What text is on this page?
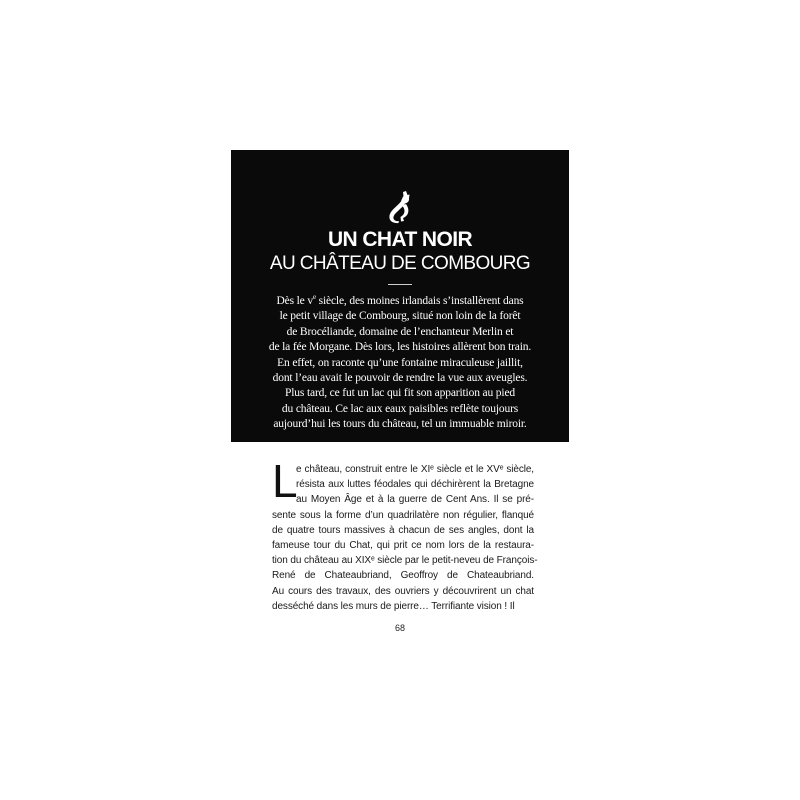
UN CHAT NOIR
AU CHÂTEAU DE COMBOURG
Dès le $v^e$ siècle, des moines irlandais s’installèrent dans
le petit village de Combourg, situé non loin de la forêt
de Brocéliande, domaine de l’enchanteur Merlin et
de la fée Morgane. Dès lors, les histoires allèrent bon train.
En effet, on raconte qu’une fontaine miraculeuse jaillit,
dont l’eau avait le pouvoir de rendre la vue aux aveugles.
Plus tard, ce fut un lac qui fit son apparition au pied
du château. Ce lac aux eaux paisibles reflète toujours
aujourd’hui les tours du château, tel un immuable miroir.
L
e château, construit entre le XIᵉ siècle et le XVᵉ siècle,
résista aux luttes féodales qui déchirèrent la Bretagne
au Moyen Âge et à la guerre de Cent Ans. Il se pré-
sente sous la forme d’un quadrilatère non régulier, flanqué
de quatre tours massives à chacun de ses angles, dont la
fameuse tour du Chat, qui prit ce nom lors de la restaura-
tion du château au XIXᵉ siècle par le petit-neveu de François-
René de Chateaubriand, Geoffroy de Chateaubriand.
Au cours des travaux, des ouvriers y découvrirent un chat
desséché dans les murs de pierre… Terrifiante vision ! Il
68
